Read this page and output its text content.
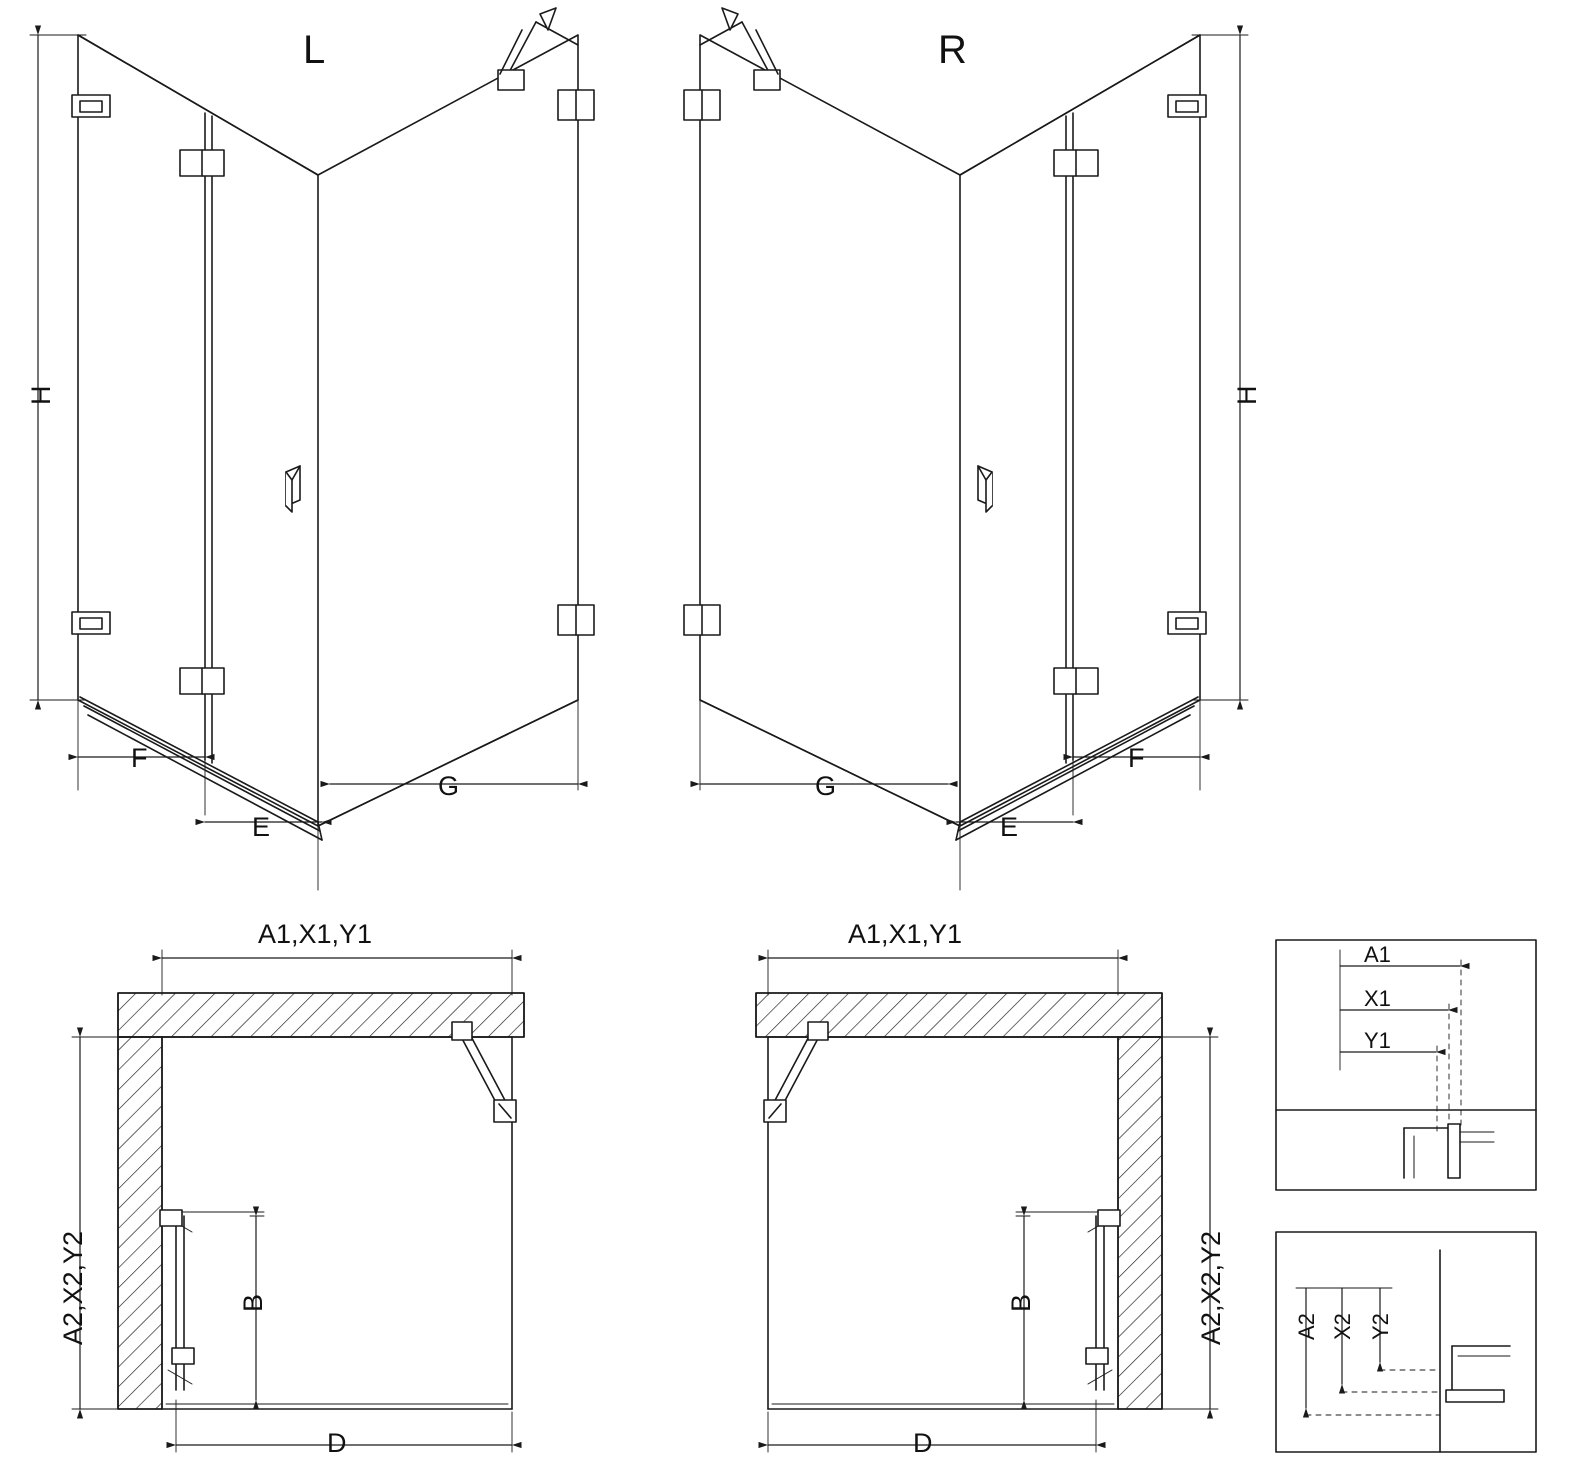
L	R
H	H
F
E
G	G
E
F
A1,X1,Y1	A1,X1,Y1
A2,X2,Y2	A2,X2,Y2
B	B
D	D
A1
X1
Y1
A2 X2 Y2
